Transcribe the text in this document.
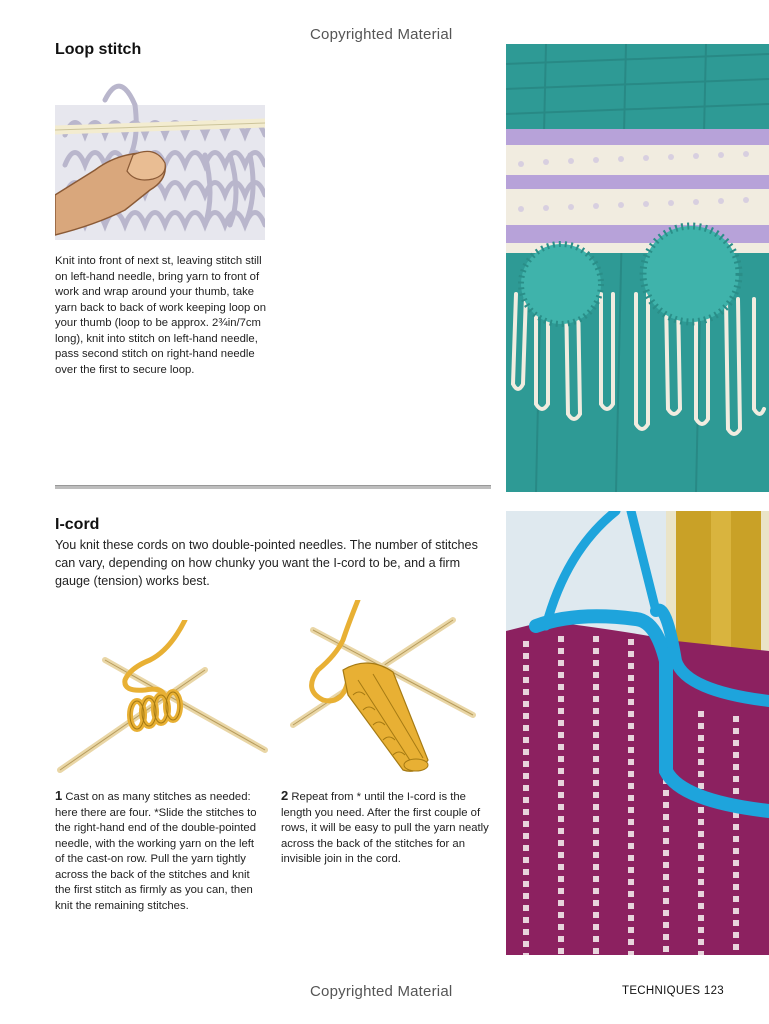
Copyrighted Material
Loop stitch
Knit into front of next st, leaving stitch still on left-hand needle, bring yarn to front of work and wrap around your thumb, take yarn back to back of work keeping loop on your thumb (loop to be approx. 2¾in/7cm long), knit into stitch on left-hand needle, pass second stitch on right-hand needle over the first to secure loop.
I-cord
You knit these cords on two double-pointed needles. The number of stitches can vary, depending on how chunky you want the I-cord to be, and a firm gauge (tension) works best.
1 Cast on as many stitches as needed: here there are four. *Slide the stitches to the right-hand end of the double-pointed needle, with the working yarn on the left of the cast-on row. Pull the yarn tightly across the back of the stitches and knit the first stitch as firmly as you can, then knit the remaining stitches.
2 Repeat from * until the I-cord is the length you need. After the first couple of rows, it will be easy to pull the yarn neatly across the back of the stitches for an invisible join in the cord.
Copyrighted Material	TECHNIQUES 123
